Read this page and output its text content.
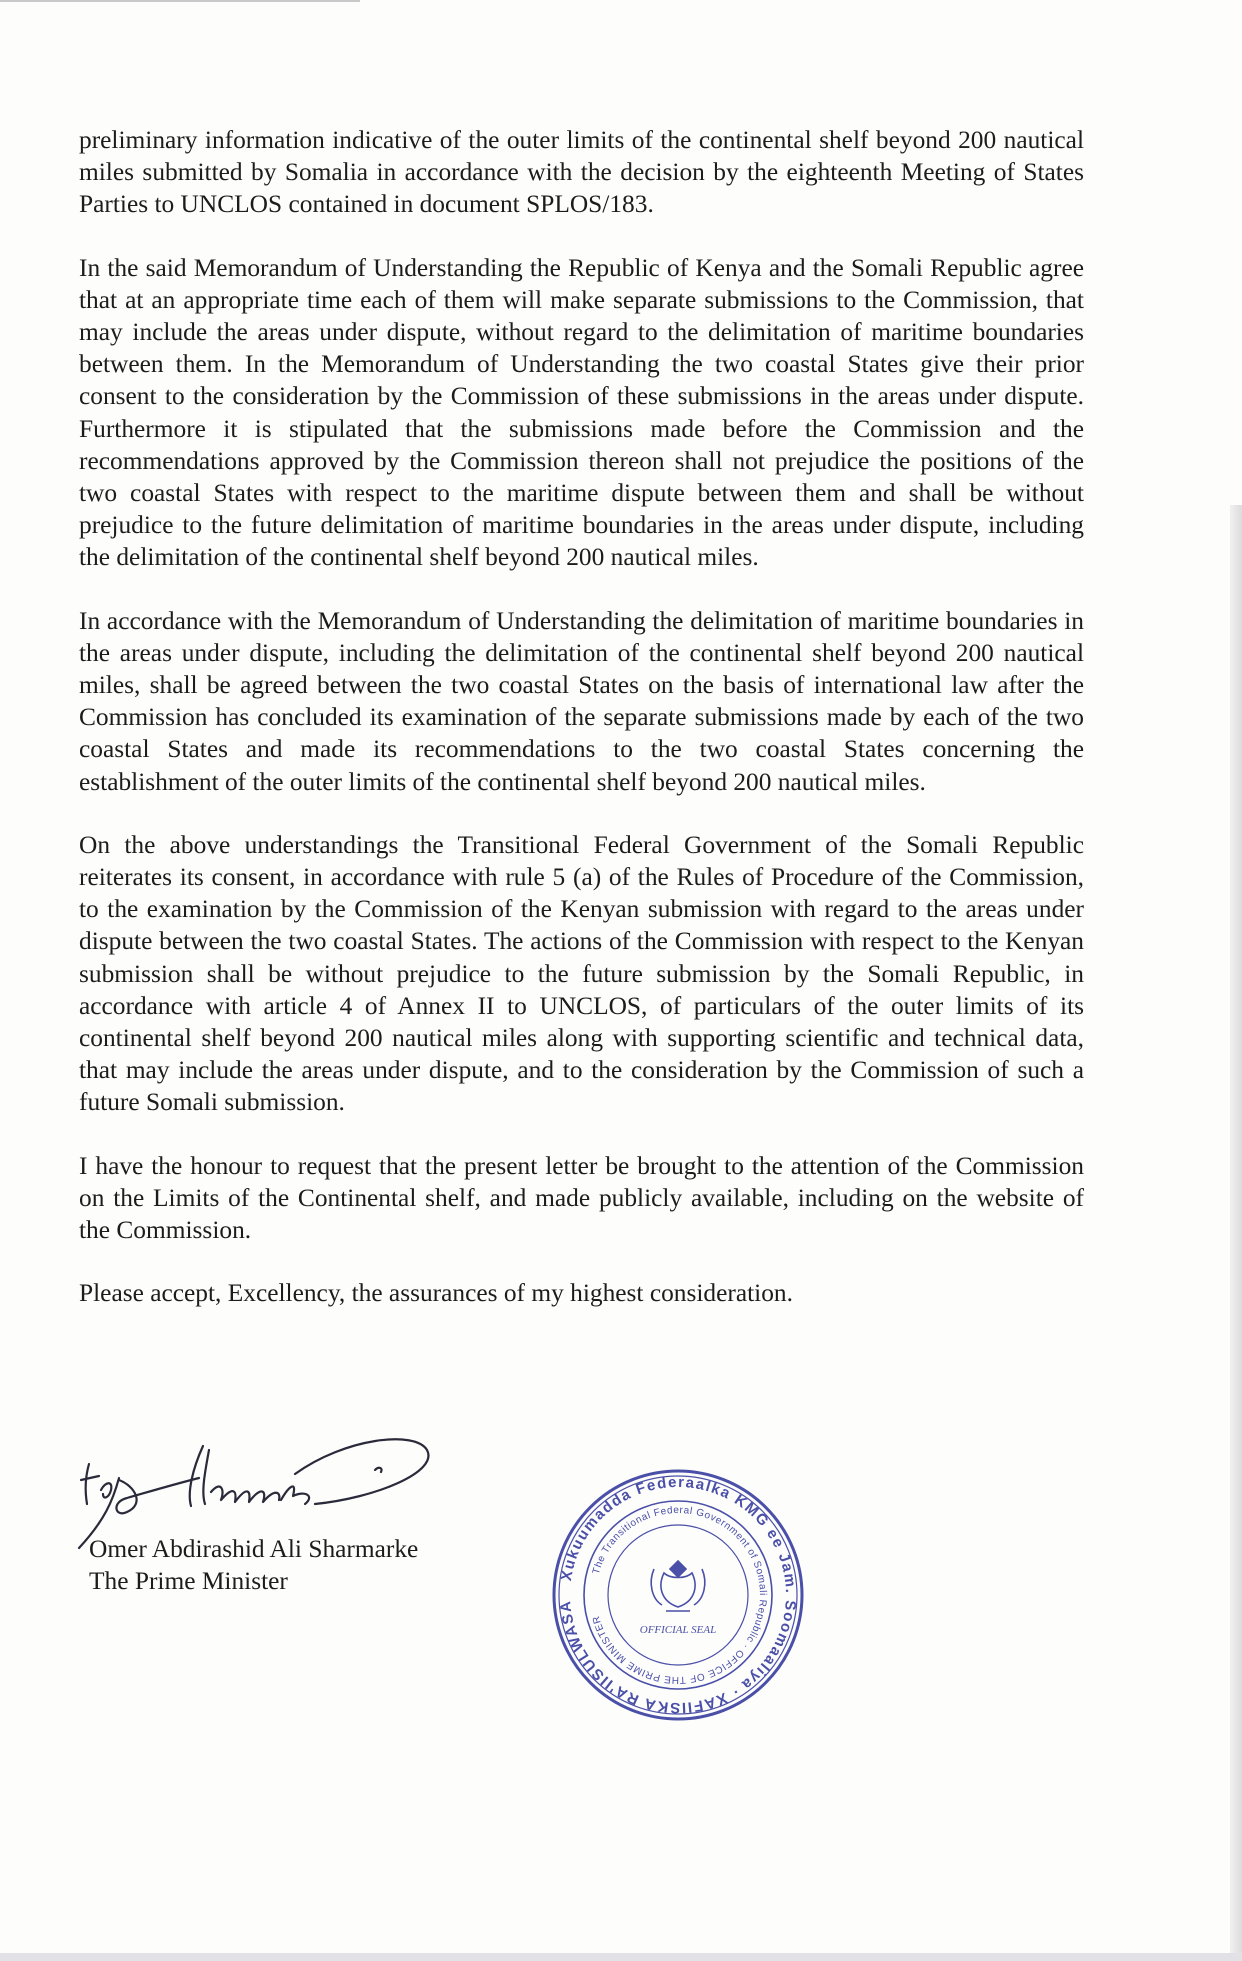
preliminary information indicative of the outer limits of the continental shelf beyond 200 nautical miles submitted by Somalia in accordance with the decision by the eighteenth Meeting of States Parties to UNCLOS contained in document SPLOS/183.

In the said Memorandum of Understanding the Republic of Kenya and the Somali Republic agree that at an appropriate time each of them will make separate submissions to the Commission, that may include the areas under dispute, without regard to the delimitation of maritime boundaries between them. In the Memorandum of Understanding the two coastal States give their prior consent to the consideration by the Commission of these submissions in the areas under dispute. Furthermore it is stipulated that the submissions made before the Commission and the recommendations approved by the Commission thereon shall not prejudice the positions of the two coastal States with respect to the maritime dispute between them and shall be without prejudice to the future delimitation of maritime boundaries in the areas under dispute, including the delimitation of the continental shelf beyond 200 nautical miles.

In accordance with the Memorandum of Understanding the delimitation of maritime boundaries in the areas under dispute, including the delimitation of the continental shelf beyond 200 nautical miles, shall be agreed between the two coastal States on the basis of international law after the Commission has concluded its examination of the separate submissions made by each of the two coastal States and made its recommendations to the two coastal States concerning the establishment of the outer limits of the continental shelf beyond 200 nautical miles.

On the above understandings the Transitional Federal Government of the Somali Republic reiterates its consent, in accordance with rule 5 (a) of the Rules of Procedure of the Commission, to the examination by the Commission of the Kenyan submission with regard to the areas under dispute between the two coastal States. The actions of the Commission with respect to the Kenyan submission shall be without prejudice to the future submission by the Somali Republic, in accordance with article 4 of Annex II to UNCLOS, of particulars of the outer limits of its continental shelf beyond 200 nautical miles along with supporting scientific and technical data, that may include the areas under dispute, and to the consideration by the Commission of such a future Somali submission.

I have the honour to request that the present letter be brought to the attention of the Commission on the Limits of the Continental shelf, and made publicly available, including on the website of the Commission.

Please accept, Excellency, the assurances of my highest consideration.

Omer Abdirashid Ali Sharmarke
The Prime Minister	Xukuumadda Federaalka KMG ee Jam. Soomaaliya · XAFIISKA RA'IISULWASA
The Transitional Federal Government of Somali Republic · OFFICE OF THE PRIME MINISTER
OFFICIAL SEAL
